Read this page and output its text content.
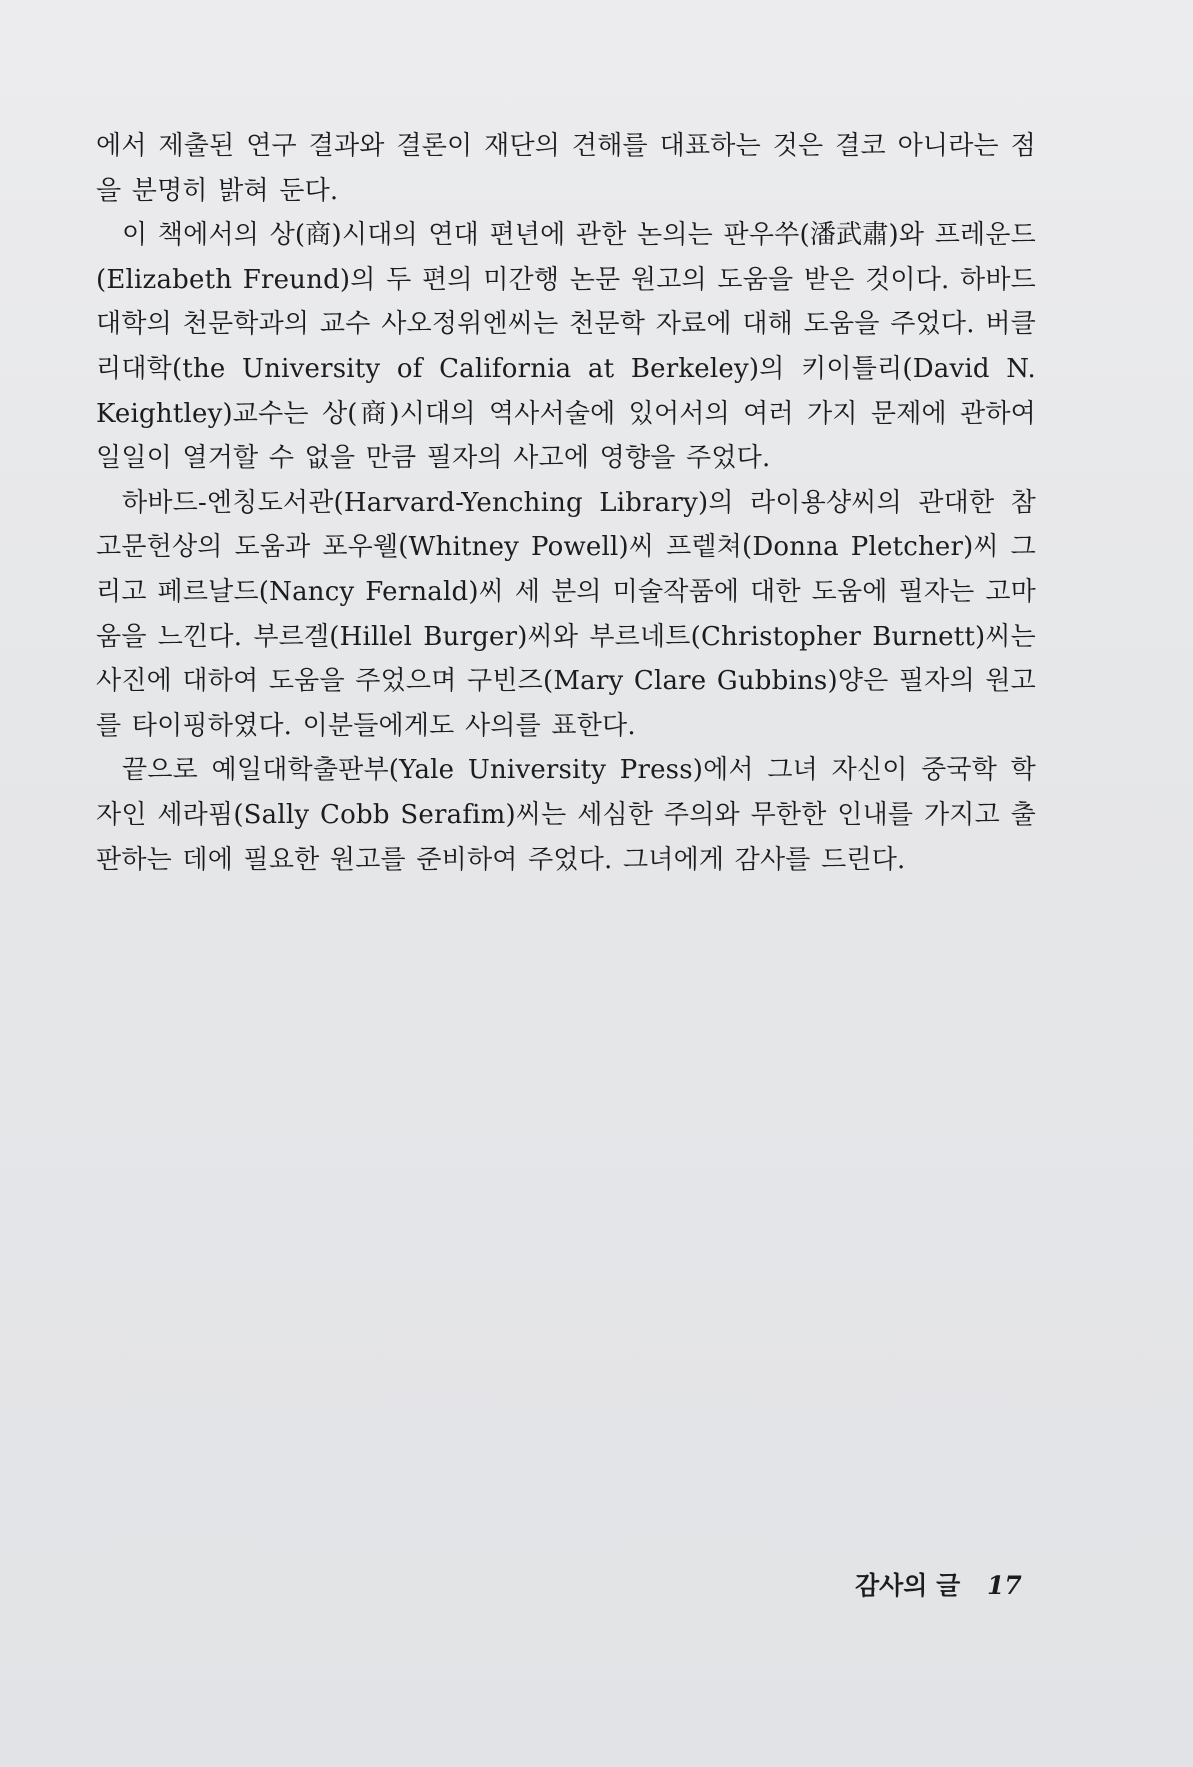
에서 제출된 연구 결과와 결론이 재단의 견해를 대표하는 것은 결코 아니라는 점을 분명히 밝혀 둔다.

이 책에서의 상(商)시대의 연대 편년에 관한 논의는 판우쑤(潘武肅)와 프레운드(Elizabeth Freund)의 두 편의 미간행 논문 원고의 도움을 받은 것이다. 하바드대학의 천문학과의 교수 사오정위엔씨는 천문학 자료에 대해 도움을 주었다. 버클리대학(the University of California at Berkeley)의 키이틀리(David N. Keightley)교수는 상(商)시대의 역사서술에 있어서의 여러 가지 문제에 관하여 일일이 열거할 수 없을 만큼 필자의 사고에 영향을 주었다.

하바드-엔칭도서관(Harvard-Yenching Library)의 라이용샹씨의 관대한 참고문헌상의 도움과 포우웰(Whitney Powell)씨 프렡쳐(Donna Pletcher)씨 그리고 페르날드(Nancy Fernald)씨 세 분의 미술작품에 대한 도움에 필자는 고마움을 느낀다. 부르겔(Hillel Burger)씨와 부르네트(Christopher Burnett)씨는 사진에 대하여 도움을 주었으며 구빈즈(Mary Clare Gubbins)양은 필자의 원고를 타이핑하였다. 이분들에게도 사의를 표한다.

끝으로 예일대학출판부(Yale University Press)에서 그녀 자신이 중국학 학자인 세라핌(Sally Cobb Serafim)씨는 세심한 주의와 무한한 인내를 가지고 출판하는 데에 필요한 원고를 준비하여 주었다. 그녀에게 감사를 드린다.

감사의 글 17
